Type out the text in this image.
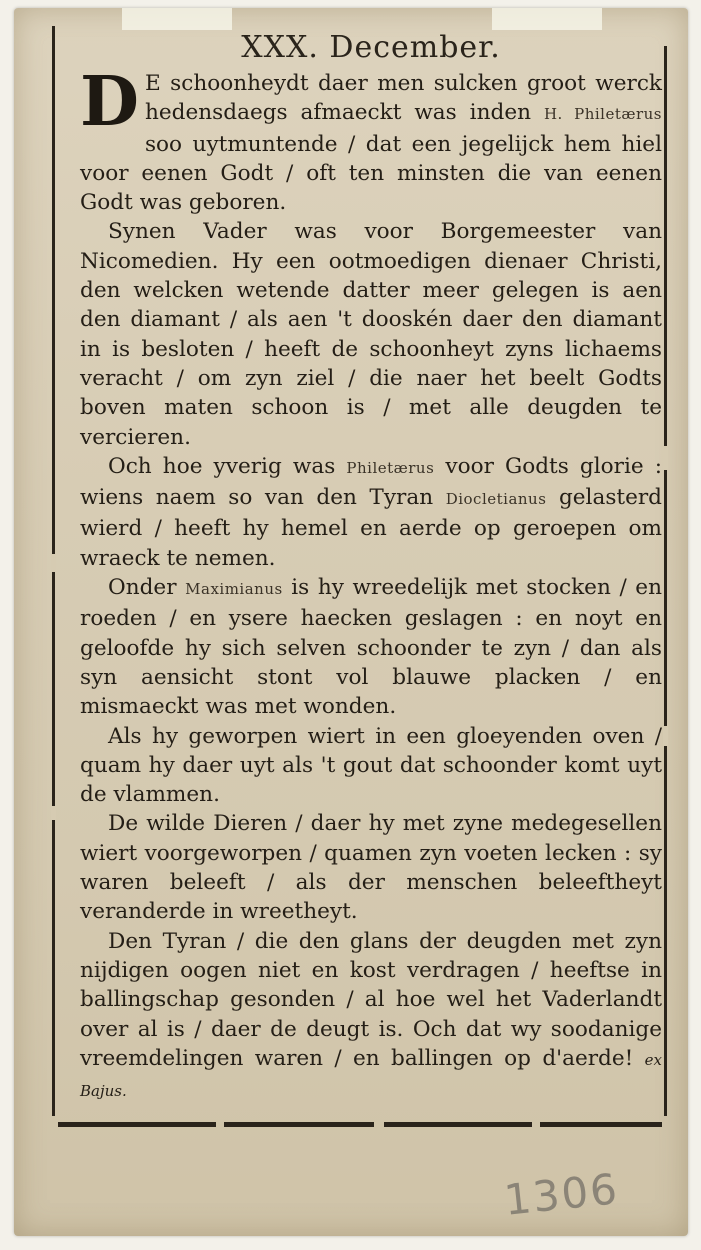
XXX. December.

D E schoonheydt daer men sulcken groot werck hedensdaegs afmaeckt was inden H. Philetærus soo uytmuntende / dat een jegelijck hem hiel voor eenen Godt / oft ten minsten die van eenen Godt was geboren.

Synen Vader was voor Borgemeester van Nicomedien. Hy een ootmoedigen dienaer Christi, den welcken wetende datter meer gelegen is aen den diamant / als aen 't dooskén daer den diamant in is besloten / heeft de schoonheyt zyns lichaems veracht / om zyn ziel / die naer het beelt Godts boven maten schoon is / met alle deugden te vercieren.

Och hoe yverig was Philetærus voor Godts glorie : wiens naem so van den Tyran Diocletianus gelasterd wierd / heeft hy hemel en aerde op geroepen om wraeck te nemen.

Onder Maximianus is hy wreedelijk met stocken / en roeden / en ysere haecken geslagen : en noyt en geloofde hy sich selven schoonder te zyn / dan als syn aensicht stont vol blauwe placken / en mismaeckt was met wonden.

Als hy geworpen wiert in een gloeyenden oven / quam hy daer uyt als 't gout dat schoonder komt uyt de vlammen.

De wilde Dieren / daer hy met zyne medegesellen wiert voorgeworpen / quamen zyn voeten lecken : sy waren beleeft / als der menschen beleeftheyt veranderde in wreetheyt.

Den Tyran / die den glans der deugden met zyn nijdigen oogen niet en kost verdragen / heeftse in ballingschap gesonden / al hoe wel het Vaderlandt over al is / daer de deugt is. Och dat wy soodanige vreemdelingen waren / en ballingen op d'aerde! ex Bajus.

1306
